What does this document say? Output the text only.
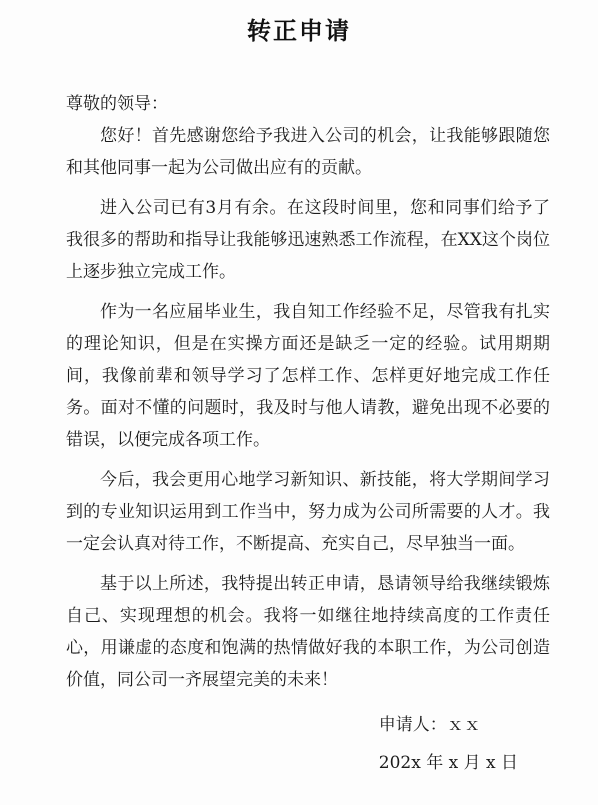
转正申请

尊敬的领导：

您好！首先感谢您给予我进入公司的机会，让我能够跟随您和其他同事一起为公司做出应有的贡献。

进入公司已有3月有余。在这段时间里，您和同事们给予了我很多的帮助和指导让我能够迅速熟悉工作流程，在XX这个岗位上逐步独立完成工作。

作为一名应届毕业生，我自知工作经验不足，尽管我有扎实的理论知识，但是在实操方面还是缺乏一定的经验。试用期期间，我像前辈和领导学习了怎样工作、怎样更好地完成工作任务。面对不懂的问题时，我及时与他人请教，避免出现不必要的错误，以便完成各项工作。

今后，我会更用心地学习新知识、新技能，将大学期间学习到的专业知识运用到工作当中，努力成为公司所需要的人才。我一定会认真对待工作，不断提高、充实自己，尽早独当一面。

基于以上所述，我特提出转正申请，恳请领导给我继续锻炼自己、实现理想的机会。我将一如继往地持续高度的工作责任心，用谦虚的态度和饱满的热情做好我的本职工作，为公司创造价值，同公司一齐展望完美的未来！

申请人：ｘｘ
202x 年 x 月 x 日
